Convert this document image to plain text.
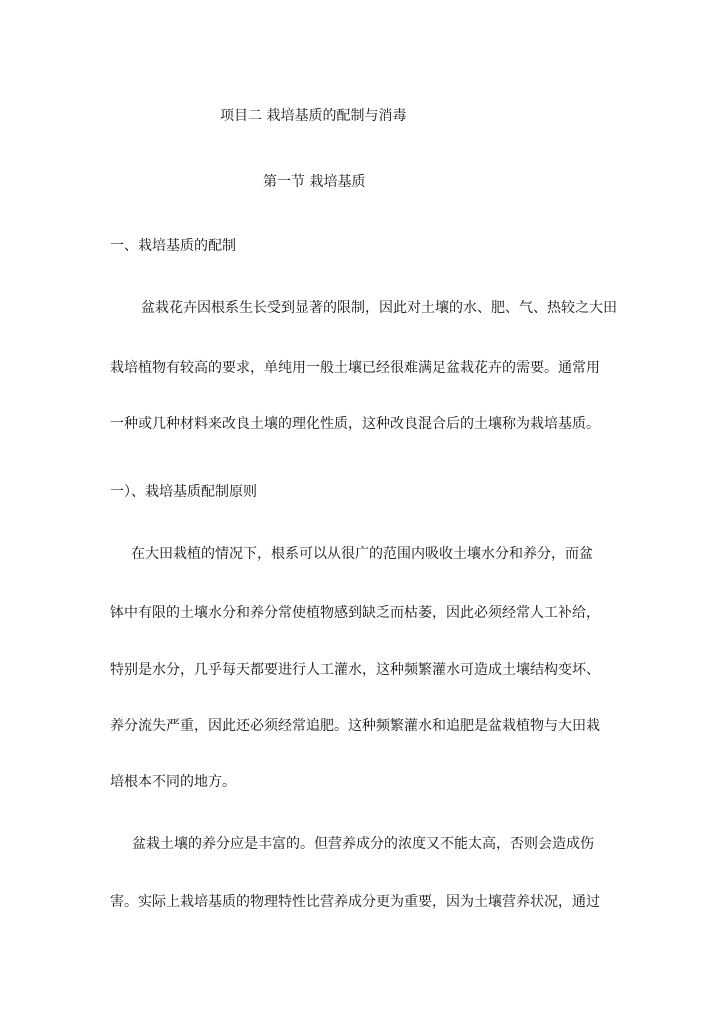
项目二 栽培基质的配制与消毒
第一节 栽培基质
一、栽培基质的配制
盆栽花卉因根系生长受到显著的限制，因此对土壤的水、肥、气、热较之大田
栽培植物有较高的要求，单纯用一般土壤已经很难满足盆栽花卉的需要。通常用
一种或几种材料来改良土壤的理化性质，这种改良混合后的土壤称为栽培基质。
一）、栽培基质配制原则
在大田栽植的情况下，根系可以从很广的范围内吸收土壤水分和养分，而盆
钵中有限的土壤水分和养分常使植物感到缺乏而枯萎，因此必须经常人工补给，
特别是水分，几乎每天都要进行人工灌水，这种频繁灌水可造成土壤结构变坏、
养分流失严重，因此还必须经常追肥。这种频繁灌水和追肥是盆栽植物与大田栽
培根本不同的地方。
盆栽土壤的养分应是丰富的。但营养成分的浓度又不能太高，否则会造成伤
害。实际上栽培基质的物理特性比营养成分更为重要，因为土壤营养状况，通过
